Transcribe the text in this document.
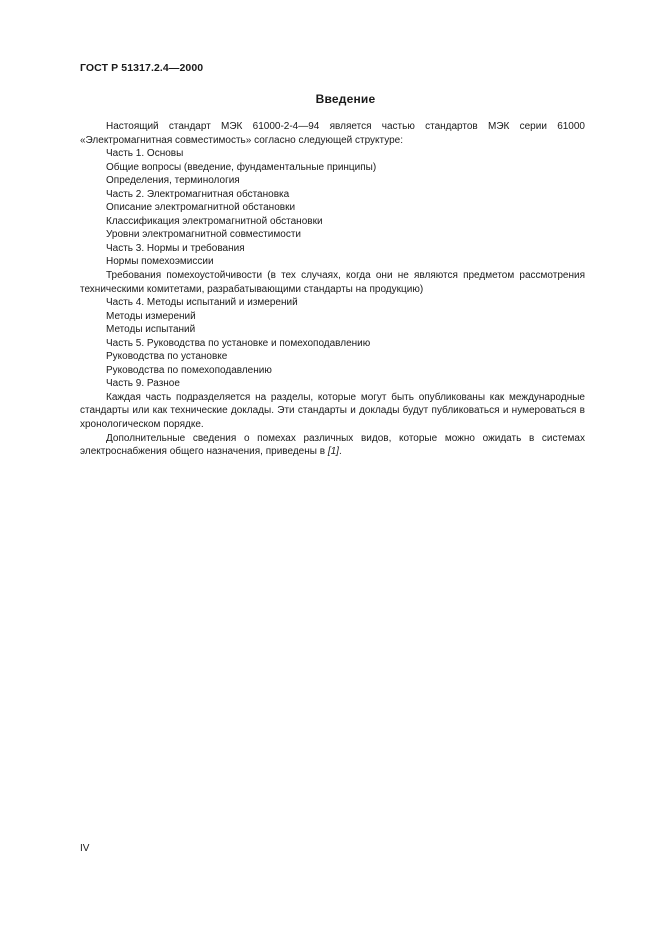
ГОСТ Р 51317.2.4—2000
Введение

Настоящий стандарт МЭК 61000-2-4—94 является частью стандартов МЭК серии 61000 «Электромагнитная совместимость» согласно следующей структуре:

Часть 1. Основы

Общие вопросы (введение, фундаментальные принципы)

Определения, терминология

Часть 2. Электромагнитная обстановка

Описание электромагнитной обстановки

Классификация электромагнитной обстановки

Уровни электромагнитной совместимости

Часть 3. Нормы и требования

Нормы помехоэмиссии

Требования помехоустойчивости (в тех случаях, когда они не являются предметом рассмотрения техническими комитетами, разрабатывающими стандарты на продукцию)

Часть 4. Методы испытаний и измерений

Методы измерений

Методы испытаний

Часть 5. Руководства по установке и помехоподавлению

Руководства по установке

Руководства по помехоподавлению

Часть 9. Разное

Каждая часть подразделяется на разделы, которые могут быть опубликованы как международные стандарты или как технические доклады. Эти стандарты и доклады будут публиковаться и нумероваться в хронологическом порядке.

Дополнительные сведения о помехах различных видов, которые можно ожидать в системах электроснабжения общего назначения, приведены в [1].

IV
